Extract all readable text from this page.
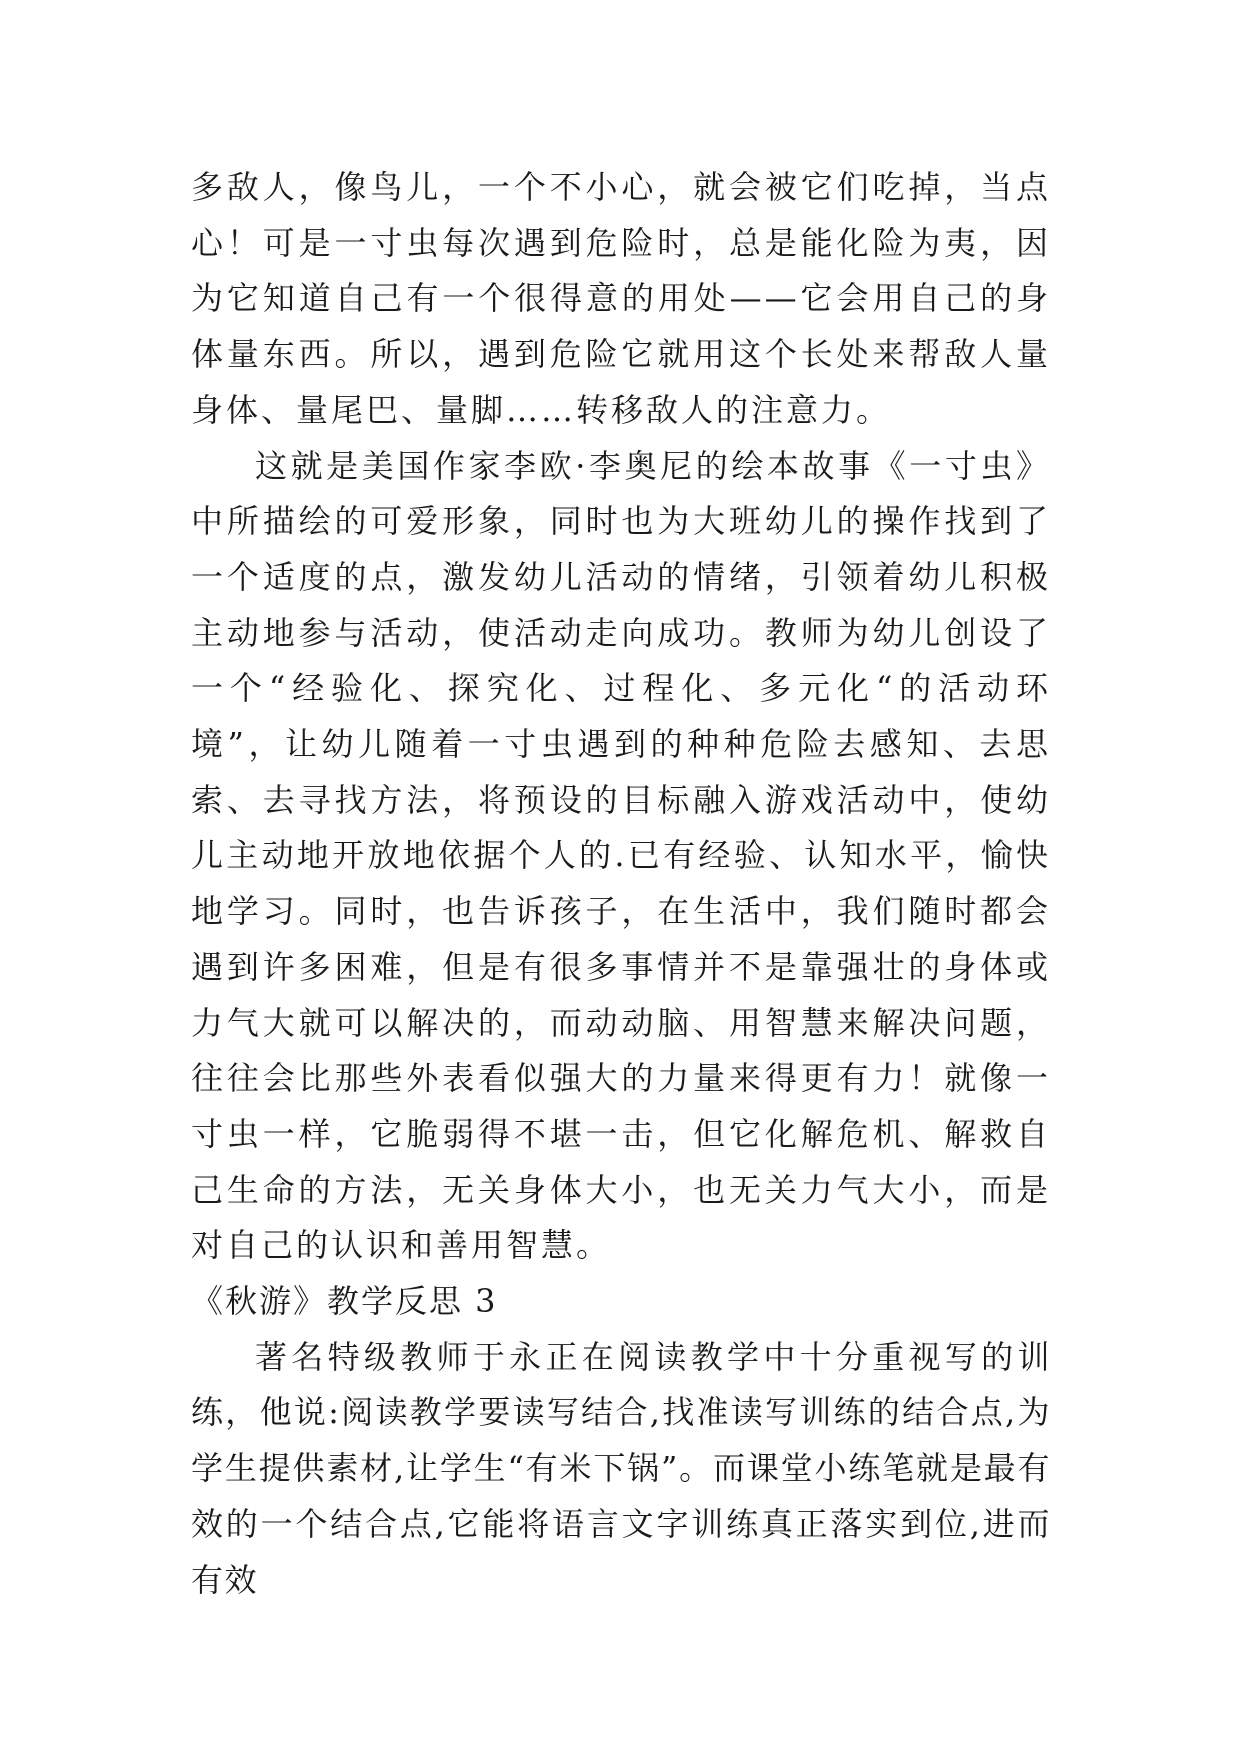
多敌人，像鸟儿，一个不小心，就会被它们吃掉，当点心！可是一寸虫每次遇到危险时，总是能化险为夷，因为它知道自己有一个很得意的用处——它会用自己的身体量东西。所以，遇到危险它就用这个长处来帮敌人量身体、量尾巴、量脚……转移敌人的注意力。

这就是美国作家李欧·李奥尼的绘本故事《一寸虫》中所描绘的可爱形象，同时也为大班幼儿的操作找到了一个适度的点，激发幼儿活动的情绪，引领着幼儿积极主动地参与活动，使活动走向成功。教师为幼儿创设了一个“经验化、探究化、过程化、多元化“的活动环境”，让幼儿随着一寸虫遇到的种种危险去感知、去思索、去寻找方法，将预设的目标融入游戏活动中，使幼儿主动地开放地依据个人的.已有经验、认知水平，愉快地学习。同时，也告诉孩子，在生活中，我们随时都会遇到许多困难，但是有很多事情并不是靠强壮的身体或力气大就可以解决的，而动动脑、用智慧来解决问题，往往会比那些外表看似强大的力量来得更有力！就像一寸虫一样，它脆弱得不堪一击，但它化解危机、解救自己生命的方法，无关身体大小，也无关力气大小，而是对自己的认识和善用智慧。

《秋游》教学反思 3

著名特级教师于永正在阅读教学中十分重视写的训练，他说:阅读教学要读写结合,找准读写训练的结合点,为学生提供素材,让学生“有米下锅”。而课堂小练笔就是最有效的一个结合点,它能将语言文字训练真正落实到位,进而有效
